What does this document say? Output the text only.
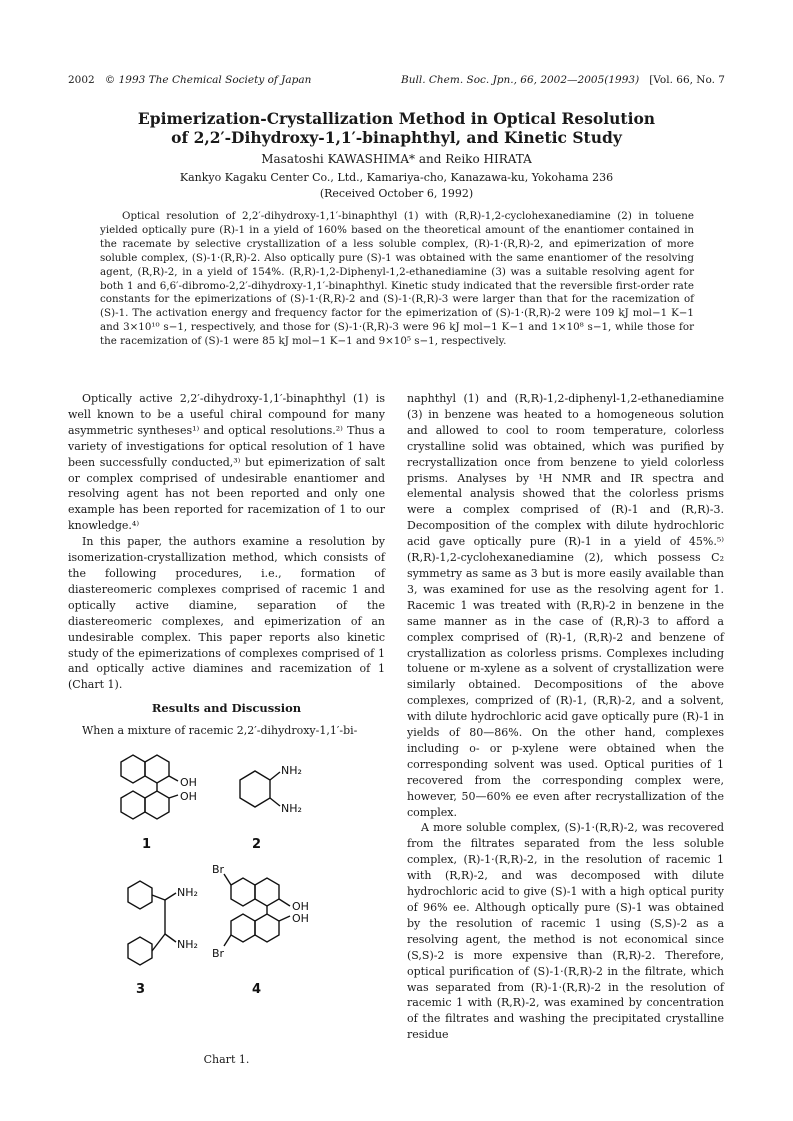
2002 © 1993 The Chemical Society of Japan	Bull. Chem. Soc. Jpn., 66, 2002—2005(1993) [Vol. 66, No. 7
Epimerization-Crystallization Method in Optical Resolution
of 2,2′-Dihydroxy-1,1′-binaphthyl, and Kinetic Study
Masatoshi KAWASHIMA* and Reiko HIRATA
Kankyo Kagaku Center Co., Ltd., Kamariya-cho, Kanazawa-ku, Yokohama 236
(Received October 6, 1992)
Optical resolution of 2,2′-dihydroxy-1,1′-binaphthyl (1) with (R,R)-1,2-cyclohexanediamine (2) in toluene yielded optically pure (R)-1 in a yield of 160% based on the theoretical amount of the enantiomer contained in the racemate by selective crystallization of a less soluble complex, (R)-1·(R,R)-2, and epimerization of more soluble complex, (S)-1·(R,R)-2. Also optically pure (S)-1 was obtained with the same enantiomer of the resolving agent, (R,R)-2, in a yield of 154%. (R,R)-1,2-Diphenyl-1,2-ethanediamine (3) was a suitable resolving agent for both 1 and 6,6′-dibromo-2,2′-dihydroxy-1,1′-binaphthyl. Kinetic study indicated that the reversible first-order rate constants for the epimerizations of (S)-1·(R,R)-2 and (S)-1·(R,R)-3 were larger than that for the racemization of (S)-1. The activation energy and frequency factor for the epimerization of (S)-1·(R,R)-2 were 109 kJ mol−1 K−1 and 3×10¹⁰ s−1, respectively, and those for (S)-1·(R,R)-3 were 96 kJ mol−1 K−1 and 1×10⁸ s−1, while those for the racemization of (S)-1 were 85 kJ mol−1 K−1 and 9×10⁵ s−1, respectively.

Optically active 2,2′-dihydroxy-1,1′-binaphthyl (1) is well known to be a useful chiral compound for many asymmetric syntheses¹⁾ and optical resolutions.²⁾ Thus a variety of investigations for optical resolution of 1 have been successfully conducted,³⁾ but epimerization of salt or complex comprised of undesirable enantiomer and resolving agent has not been reported and only one example has been reported for racemization of 1 to our knowledge.⁴⁾

In this paper, the authors examine a resolution by isomerization-crystallization method, which consists of the following procedures, i.e., formation of diastereomeric complexes comprised of racemic 1 and optically active diamine, separation of the diastereomeric complexes, and epimerization of an undesirable complex. This paper reports also kinetic study of the epimerizations of complexes comprised of 1 and optically active diamines and racemization of 1 (Chart 1).

Results and Discussion

When a mixture of racemic 2,2′-dihydroxy-1,1′-bi-

OH
OH
NH₂
NH₂
NH₂
NH₂
OH
OH
Br
Br
1	2
3	4
Chart 1.

naphthyl (1) and (R,R)-1,2-diphenyl-1,2-ethanediamine (3) in benzene was heated to a homogeneous solution and allowed to cool to room temperature, colorless crystalline solid was obtained, which was purified by recrystallization once from benzene to yield colorless prisms. Analyses by ¹H NMR and IR spectra and elemental analysis showed that the colorless prisms were a complex comprised of (R)-1 and (R,R)-3. Decomposition of the complex with dilute hydrochloric acid gave optically pure (R)-1 in a yield of 45%.⁵⁾ (R,R)-1,2-cyclohexanediamine (2), which possess C₂ symmetry as same as 3 but is more easily available than 3, was examined for use as the resolving agent for 1. Racemic 1 was treated with (R,R)-2 in benzene in the same manner as in the case of (R,R)-3 to afford a complex comprised of (R)-1, (R,R)-2 and benzene of crystallization as colorless prisms. Complexes including toluene or m-xylene as a solvent of crystallization were similarly obtained. Decompositions of the above complexes, comprized of (R)-1, (R,R)-2, and a solvent, with dilute hydrochloric acid gave optically pure (R)-1 in yields of 80—86%. On the other hand, complexes including o- or p-xylene were obtained when the corresponding solvent was used. Optical purities of 1 recovered from the corresponding complex were, however, 50—60% ee even after recrystallization of the complex.

A more soluble complex, (S)-1·(R,R)-2, was recovered from the filtrates separated from the less soluble complex, (R)-1·(R,R)-2, in the resolution of racemic 1 with (R,R)-2, and was decomposed with dilute hydrochloric acid to give (S)-1 with a high optical purity of 96% ee. Although optically pure (S)-1 was obtained by the resolution of racemic 1 using (S,S)-2 as a resolving agent, the method is not economical since (S,S)-2 is more expensive than (R,R)-2. Therefore, optical purification of (S)-1·(R,R)-2 in the filtrate, which was separated from (R)-1·(R,R)-2 in the resolution of racemic 1 with (R,R)-2, was examined by concentration of the filtrates and washing the precipitated crystalline residue
